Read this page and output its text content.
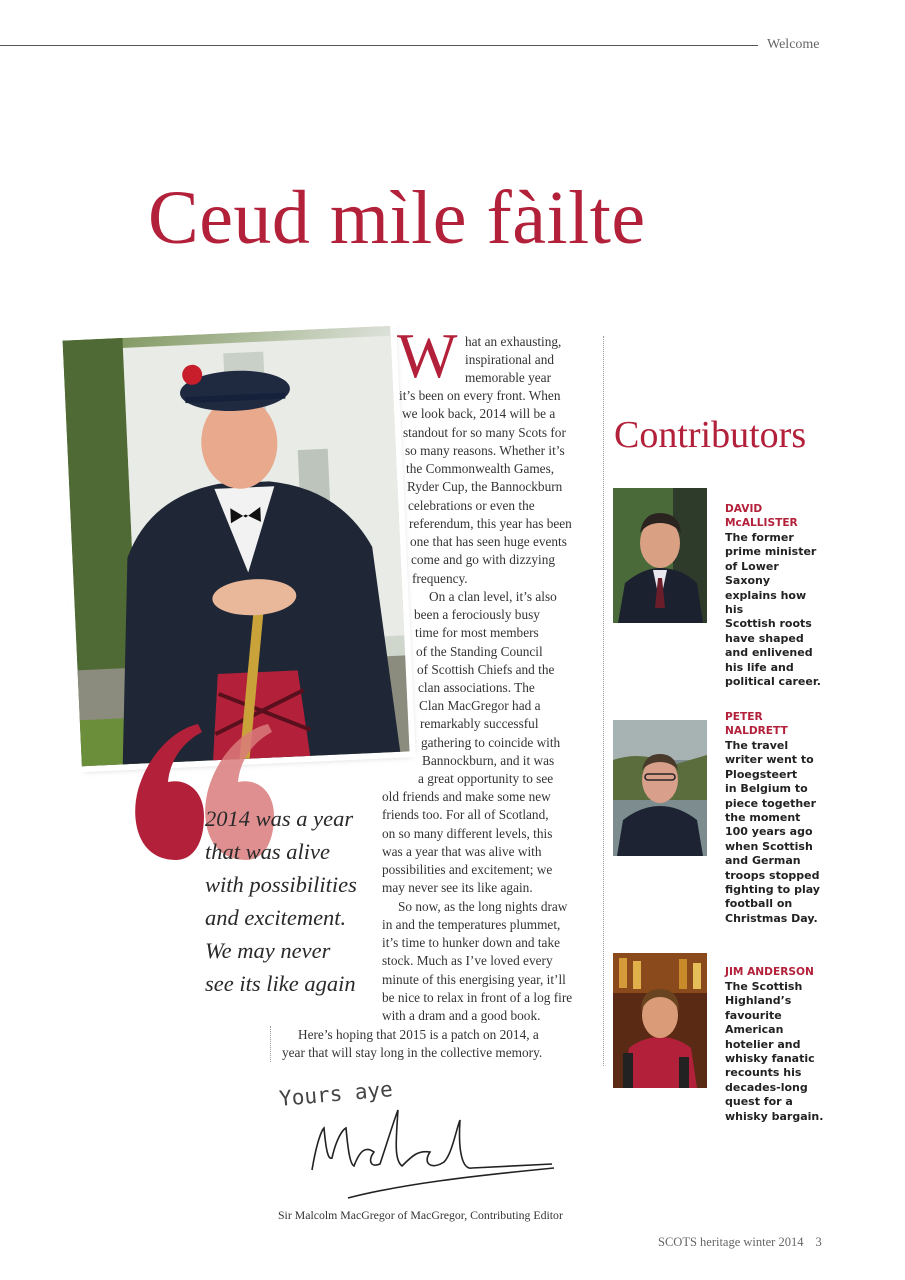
Welcome
Ceud mìle fàilte
2014 was a year
that was alive
with possibilities
and excitement.
We may never
see its like again
W hat an exhausting,
inspirational and
memorable year
it’s been on every front. When
we look back, 2014 will be a
standout for so many Scots for
so many reasons. Whether it’s
the Commonwealth Games,
Ryder Cup, the Bannockburn
celebrations or even the
referendum, this year has been
one that has seen huge events
come and go with dizzying
frequency.
On a clan level, it’s also
been a ferociously busy
time for most members
of the Standing Council
of Scottish Chiefs and the
clan associations. The
Clan MacGregor had a
remarkably successful
gathering to coincide with
Bannockburn, and it was
a great opportunity to see
old friends and make some new
friends too. For all of Scotland,
on so many different levels, this
was a year that was alive with
possibilities and excitement; we
may never see its like again.
So now, as the long nights draw
in and the temperatures plummet,
it’s time to hunker down and take
stock. Much as I’ve loved every
minute of this energising year, it’ll
be nice to relax in front of a log fire
with a dram and a good book.
Here’s hoping that 2015 is a patch on 2014, a
year that will stay long in the collective memory.
Yours aye
Sir Malcolm MacGregor of MacGregor, Contributing Editor
Contributors
DAVID
McALLISTER
The former
prime minister
of Lower Saxony
explains how his
Scottish roots
have shaped
and enlivened
his life and
political career.
PETER
NALDRETT
The travel
writer went to
Ploegsteert
in Belgium to
piece together
the moment
100 years ago
when Scottish
and German
troops stopped
fighting to play
football on
Christmas Day.
JIM ANDERSON
The Scottish
Highland’s
favourite
American
hotelier and
whisky fanatic
recounts his
decades-long
quest for a
whisky bargain.
SCOTS heritage winter 2014 3
